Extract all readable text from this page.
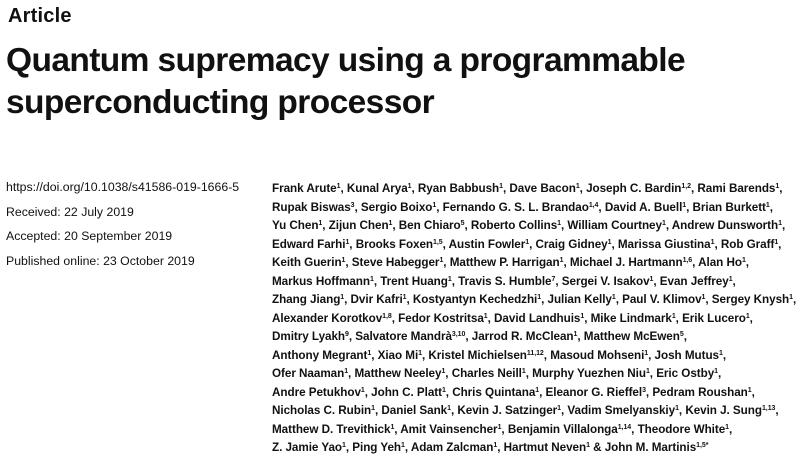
Article
Quantum supremacy using a programmable
superconducting processor
https://doi.org/10.1038/s41586-019-1666-5
Received: 22 July 2019
Accepted: 20 September 2019
Published online: 23 October 2019
Frank Arute$^1$, Kunal Arya$^1$, Ryan Babbush$^1$, Dave Bacon$^1$, Joseph C. Bardin$^{1,2}$, Rami Barends$^1$,
Rupak Biswas$^3$, Sergio Boixo$^1$, Fernando G. S. L. Brandao$^{1,4}$, David A. Buell$^1$, Brian Burkett$^1$,
Yu Chen$^1$, Zijun Chen$^1$, Ben Chiaro$^5$, Roberto Collins$^1$, William Courtney$^1$, Andrew Dunsworth$^1$,
Edward Farhi$^1$, Brooks Foxen$^{1,5}$, Austin Fowler$^1$, Craig Gidney$^1$, Marissa Giustina$^1$, Rob Graff$^1$,
Keith Guerin$^1$, Steve Habegger$^1$, Matthew P. Harrigan$^1$, Michael J. Hartmann$^{1,6}$, Alan Ho$^1$,
Markus Hoffmann$^1$, Trent Huang$^1$, Travis S. Humble$^7$, Sergei V. Isakov$^1$, Evan Jeffrey$^1$,
Zhang Jiang$^1$, Dvir Kafri$^1$, Kostyantyn Kechedzhi$^1$, Julian Kelly$^1$, Paul V. Klimov$^1$, Sergey Knysh$^1$,
Alexander Korotkov$^{1,8}$, Fedor Kostritsa$^1$, David Landhuis$^1$, Mike Lindmark$^1$, Erik Lucero$^1$,
Dmitry Lyakh$^9$, Salvatore Mandrà$^{3,10}$, Jarrod R. McClean$^1$, Matthew McEwen$^5$,
Anthony Megrant$^1$, Xiao Mi$^1$, Kristel Michielsen$^{11,12}$, Masoud Mohseni$^1$, Josh Mutus$^1$,
Ofer Naaman$^1$, Matthew Neeley$^1$, Charles Neill$^1$, Murphy Yuezhen Niu$^1$, Eric Ostby$^1$,
Andre Petukhov$^1$, John C. Platt$^1$, Chris Quintana$^1$, Eleanor G. Rieffel$^3$, Pedram Roushan$^1$,
Nicholas C. Rubin$^1$, Daniel Sank$^1$, Kevin J. Satzinger$^1$, Vadim Smelyanskiy$^1$, Kevin J. Sung$^{1,13}$,
Matthew D. Trevithick$^1$, Amit Vainsencher$^1$, Benjamin Villalonga$^{1,14}$, Theodore White$^1$,
Z. Jamie Yao$^1$, Ping Yeh$^1$, Adam Zalcman$^1$, Hartmut Neven$^1$ & John M. Martinis$^{1,5*}$
